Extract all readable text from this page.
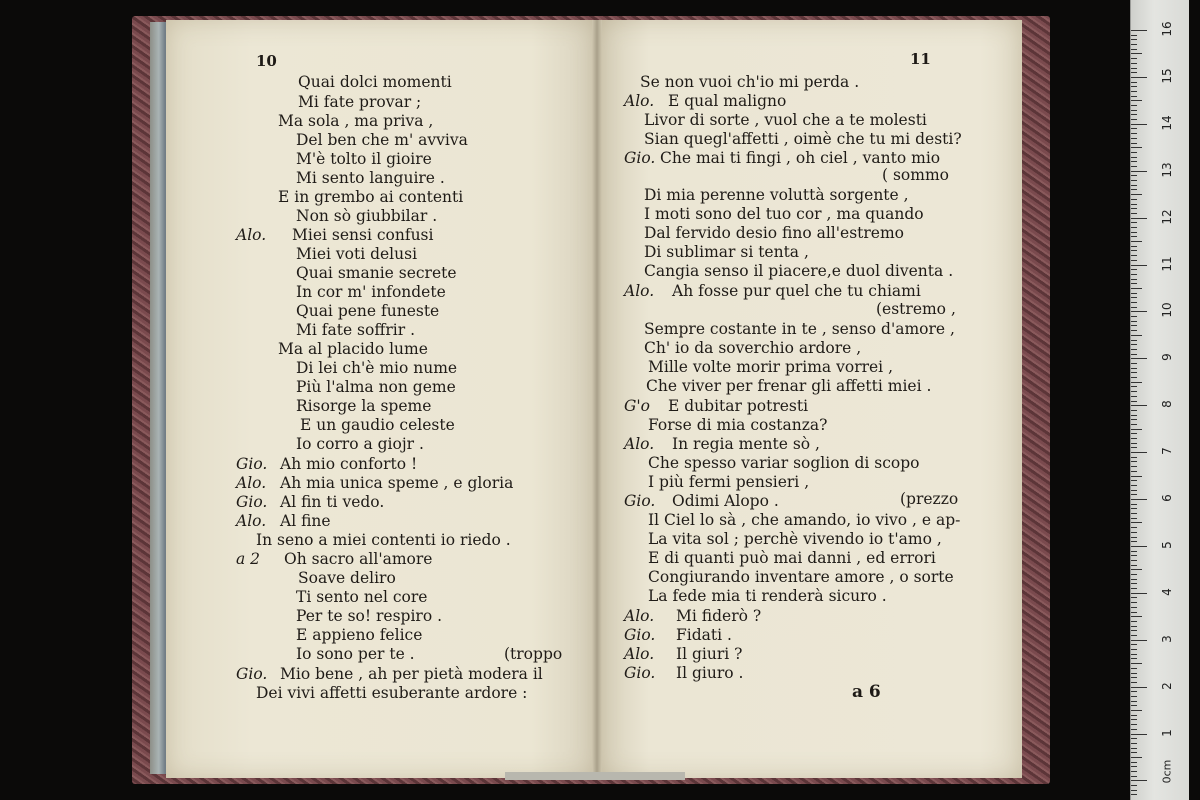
10	11
a 6
Quai dolci momenti
Mi fate provar ;
Ma sola , ma priva ,
Del ben che m' avviva
M'è tolto il gioire
Mi sento languire .
E in grembo ai contenti
Non sò giubbilar .
Alo. Miei sensi confusi
Miei voti delusi
Quai smanie secrete
In cor m' infondete
Quai pene funeste
Mi fate soffrir .
Ma al placido lume
Di lei ch'è mio nume
Più l'alma non geme
Risorge la speme
E un gaudio celeste
Io corro a giojr .
Gio. Ah mio conforto !
Alo. Ah mia unica speme , e gloria
Gio. Al fin ti vedo.
Alo. Al fine
In seno a miei contenti io riedo .
a 2 Oh sacro all'amore
Soave deliro
Ti sento nel core
Per te so! respiro .
E appieno felice
Io sono per te .	(troppo
Gio. Mio bene , ah per pietà modera il
Dei vivi affetti esuberante ardore :
Se non vuoi ch'io mi perda .
Alo. E qual maligno
Livor di sorte , vuol che a te molesti
Sian quegl'affetti , oimè che tu mi desti?
Gio. Che mai ti fingi , oh ciel , vanto mio
( sommo
Di mia perenne voluttà sorgente ,
I moti sono del tuo cor , ma quando
Dal fervido desio fino all'estremo
Di sublimar si tenta ,
Cangia senso il piacere,e duol diventa .
Alo. Ah fosse pur quel che tu chiami
(estremo ,
Sempre costante in te , senso d'amore ,
Ch' io da soverchio ardore ,
Mille volte morir prima vorrei ,
Che viver per frenar gli affetti miei .
G'o E dubitar potresti
Forse di mia costanza?
Alo. In regia mente sò ,
Che spesso variar soglion di scopo
I più fermi pensieri ,
Gio. Odimi Alopo .	(prezzo
Il Ciel lo sà , che amando, io vivo , e ap-
La vita sol ; perchè vivendo io t'amo ,
E di quanti può mai danni , ed errori
Congiurando inventare amore , o sorte
La fede mia ti renderà sicuro .
Alo. Mi fiderò ?
Gio. Fidati .
Alo. Il giuri ?
Gio. Il giuro .
16
15
14
13
12
11
10
9
8
7
6
5
4
3
2
1
0cm
